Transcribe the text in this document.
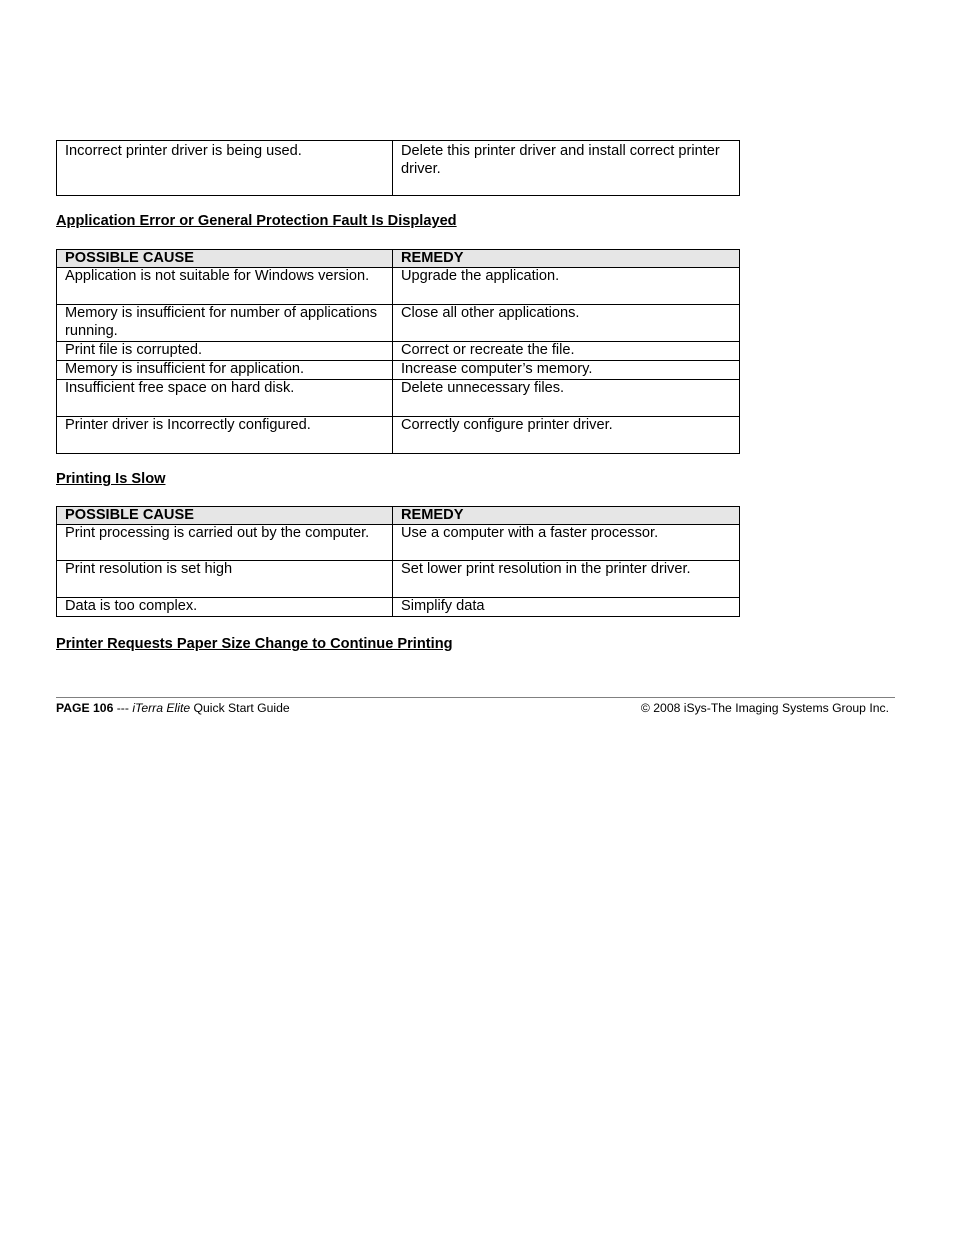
Incorrect printer driver is being used.	Delete this printer driver and install correct printer driver.
Application Error or General Protection Fault Is Displayed
POSSIBLE CAUSE	REMEDY
Application is not suitable for Windows version.	Upgrade the application.
Memory is insufficient for number of applications running.	Close all other applications.
Print file is corrupted.	Correct or recreate the file.
Memory is insufficient for application.	Increase computer’s memory.
Insufficient free space on hard disk.	Delete unnecessary files.
Printer driver is Incorrectly configured.	Correctly configure printer driver.
Printing Is Slow
POSSIBLE CAUSE	REMEDY
Print processing is carried out by the computer.	Use a computer with a faster processor.
Print resolution is set high	Set lower print resolution in the printer driver.
Data is too complex.	Simplify data
Printer Requests Paper Size Change to Continue Printing
PAGE 106 --- iTerra Elite Quick Start Guide	© 2008 iSys-The Imaging Systems Group Inc.
